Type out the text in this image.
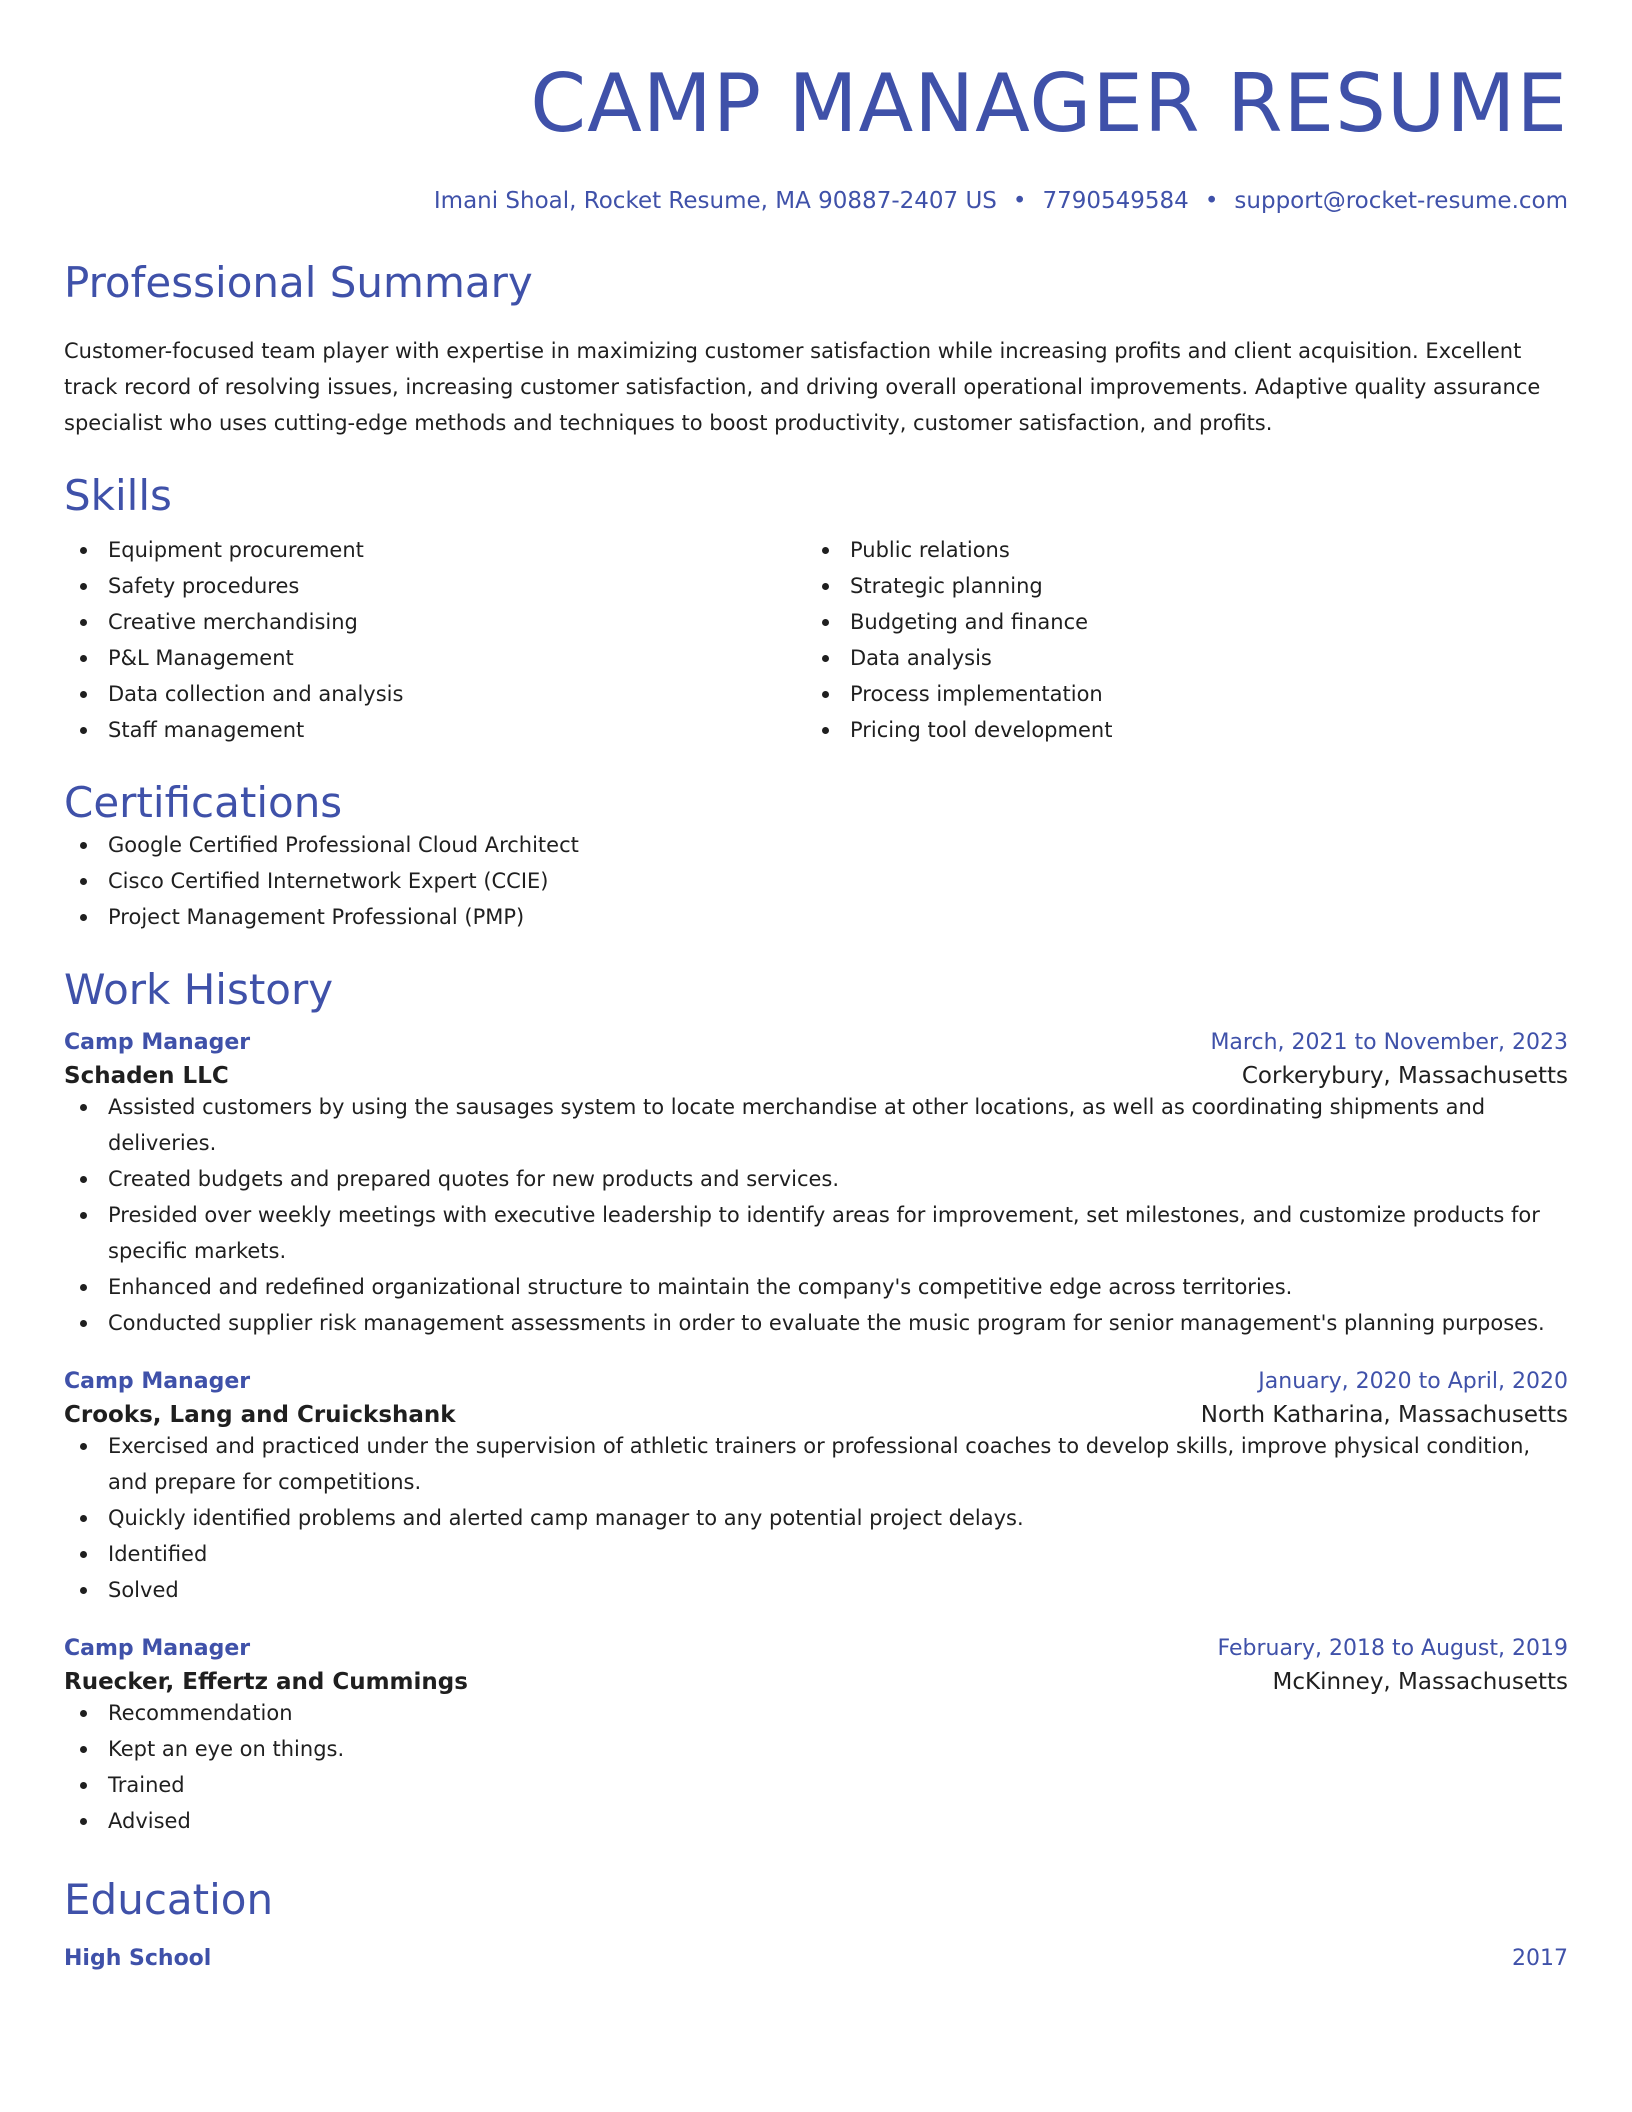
CAMP MANAGER RESUME
Imani Shoal, Rocket Resume, MA 90887-2407 US • 7790549584 • support@rocket-resume.com
Professional Summary
Customer-focused team player with expertise in maximizing customer satisfaction while increasing profits and client acquisition. Excellent track record of resolving issues, increasing customer satisfaction, and driving overall operational improvements. Adaptive quality assurance specialist who uses cutting-edge methods and techniques to boost productivity, customer satisfaction, and profits.
Skills
Equipment procurement
Safety procedures
Creative merchandising
P&L Management
Data collection and analysis
Staff management
Public relations
Strategic planning
Budgeting and finance
Data analysis
Process implementation
Pricing tool development
Certifications
Google Certified Professional Cloud Architect
Cisco Certified Internetwork Expert (CCIE)
Project Management Professional (PMP)
Work History
Camp Manager	March, 2021 to November, 2023
Schaden LLC	Corkerybury, Massachusetts
Assisted customers by using the sausages system to locate merchandise at other locations, as well as coordinating shipments and deliveries.
Created budgets and prepared quotes for new products and services.
Presided over weekly meetings with executive leadership to identify areas for improvement, set milestones, and customize products for specific markets.
Enhanced and redefined organizational structure to maintain the company's competitive edge across territories.
Conducted supplier risk management assessments in order to evaluate the music program for senior management's planning purposes.
Camp Manager	January, 2020 to April, 2020
Crooks, Lang and Cruickshank	North Katharina, Massachusetts
Exercised and practiced under the supervision of athletic trainers or professional coaches to develop skills, improve physical condition, and prepare for competitions.
Quickly identified problems and alerted camp manager to any potential project delays.
Identified
Solved
Camp Manager	February, 2018 to August, 2019
Ruecker, Effertz and Cummings	McKinney, Massachusetts
Recommendation
Kept an eye on things.
Trained
Advised
Education
High School	2017
